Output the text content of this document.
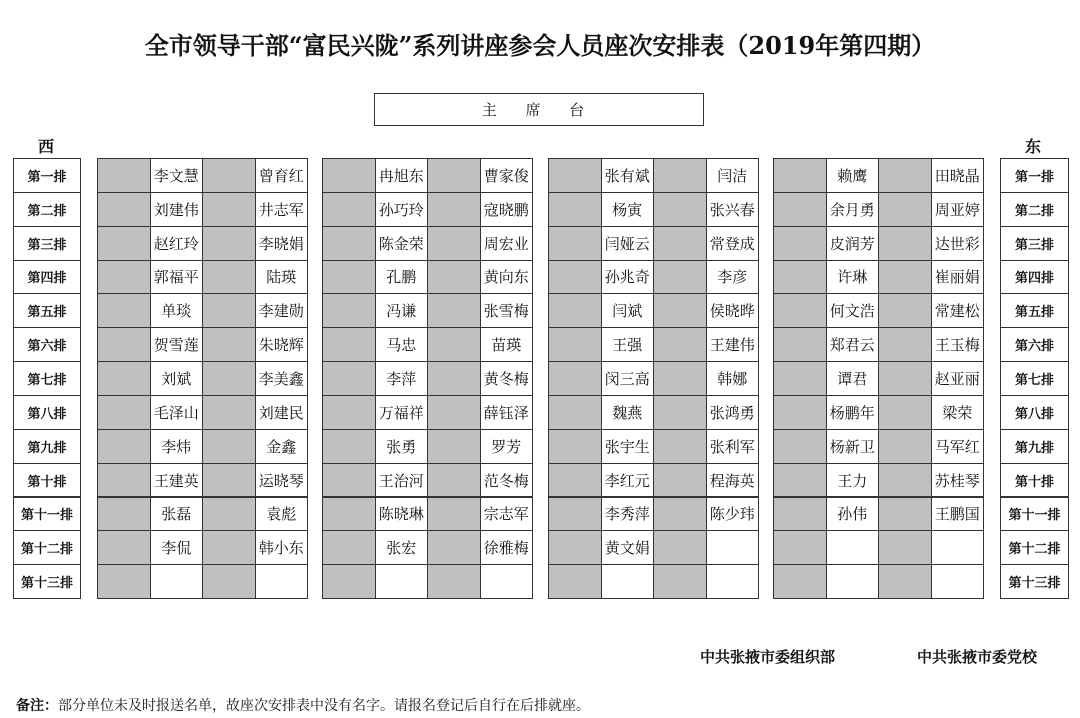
全市领导干部“富民兴陇”系列讲座参会人员座次安排表（2019年第四期）
主 席 台
西	东
第一排	第一排
李文慧	曾育红	冉旭东	曹家俊	张有斌	闫洁	赖鹰	田晓晶
第二排	第二排
刘建伟	井志军	孙巧玲	寇晓鹏	杨寅	张兴春	余月勇	周亚婷
第三排	第三排
赵红玲	李晓娟	陈金荣	周宏业	闫娅云	常登成	皮润芳	达世彩
第四排	第四排
郭福平	陆瑛	孔鹏	黄向东	孙兆奇	李彦	许琳	崔丽娟
第五排	第五排
单琰	李建勋	冯谦	张雪梅	闫斌	侯晓晔	何文浩	常建松
第六排	第六排
贺雪莲	朱晓辉	马忠	苗瑛	王强	王建伟	郑君云	王玉梅
第七排	第七排
刘斌	李美鑫	李萍	黄冬梅	闵三高	韩娜	谭君	赵亚丽
第八排	第八排
毛泽山	刘建民	万福祥	薛钰泽	魏燕	张鸿勇	杨鹏年	梁荣
第九排	第九排
李炜	金鑫	张勇	罗芳	张宇生	张利军	杨新卫	马军红
第十排	第十排
王建英	运晓琴	王治河	范冬梅	李红元	程海英	王力	苏桂琴
第十一排	第十一排
张磊	袁彪	陈晓琳	宗志军	李秀萍	陈少玮	孙伟	王鹏国
第十二排	第十二排
李侃	韩小东	张宏	徐雅梅	黄文娟
第十三排	第十三排
中共张掖市委组织部	中共张掖市委党校
备注：部分单位未及时报送名单，故座次安排表中没有名字。请报名登记后自行在后排就座。
